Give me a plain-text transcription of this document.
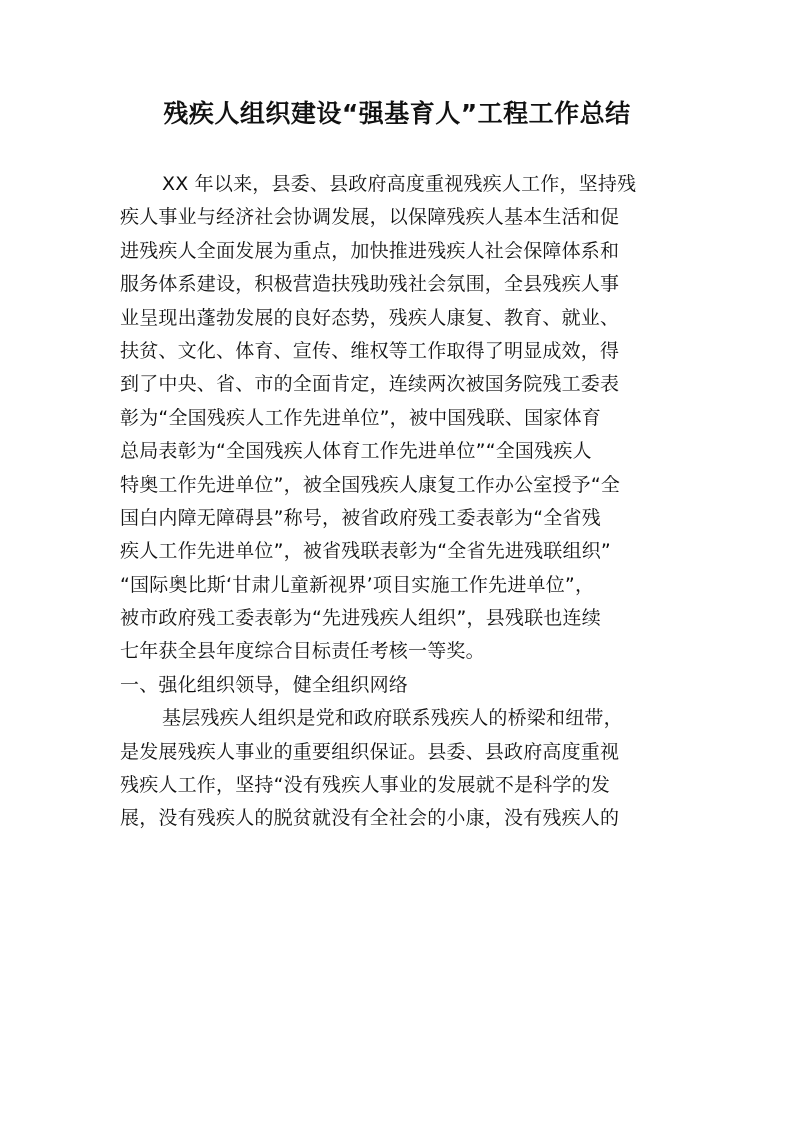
残疾人组织建设“强基育人”工程工作总结
XX 年以来，县委、县政府高度重视残疾人工作，坚持残
疾人事业与经济社会协调发展，以保障残疾人基本生活和促
进残疾人全面发展为重点，加快推进残疾人社会保障体系和
服务体系建设，积极营造扶残助残社会氛围，全县残疾人事
业呈现出蓬勃发展的良好态势，残疾人康复、教育、就业、
扶贫、文化、体育、宣传、维权等工作取得了明显成效，得
到了中央、省、市的全面肯定，连续两次被国务院残工委表
彰为“全国残疾人工作先进单位”，被中国残联、国家体育
总局表彰为“全国残疾人体育工作先进单位”“全国残疾人
特奥工作先进单位”，被全国残疾人康复工作办公室授予“全
国白内障无障碍县”称号，被省政府残工委表彰为“全省残
疾人工作先进单位”，被省残联表彰为“全省先进残联组织”
“国际奥比斯‘甘肃儿童新视界’项目实施工作先进单位”，
被市政府残工委表彰为“先进残疾人组织”，县残联也连续
七年获全县年度综合目标责任考核一等奖。
一、强化组织领导，健全组织网络
基层残疾人组织是党和政府联系残疾人的桥梁和纽带，
是发展残疾人事业的重要组织保证。县委、县政府高度重视
残疾人工作，坚持“没有残疾人事业的发展就不是科学的发
展，没有残疾人的脱贫就没有全社会的小康，没有残疾人的
